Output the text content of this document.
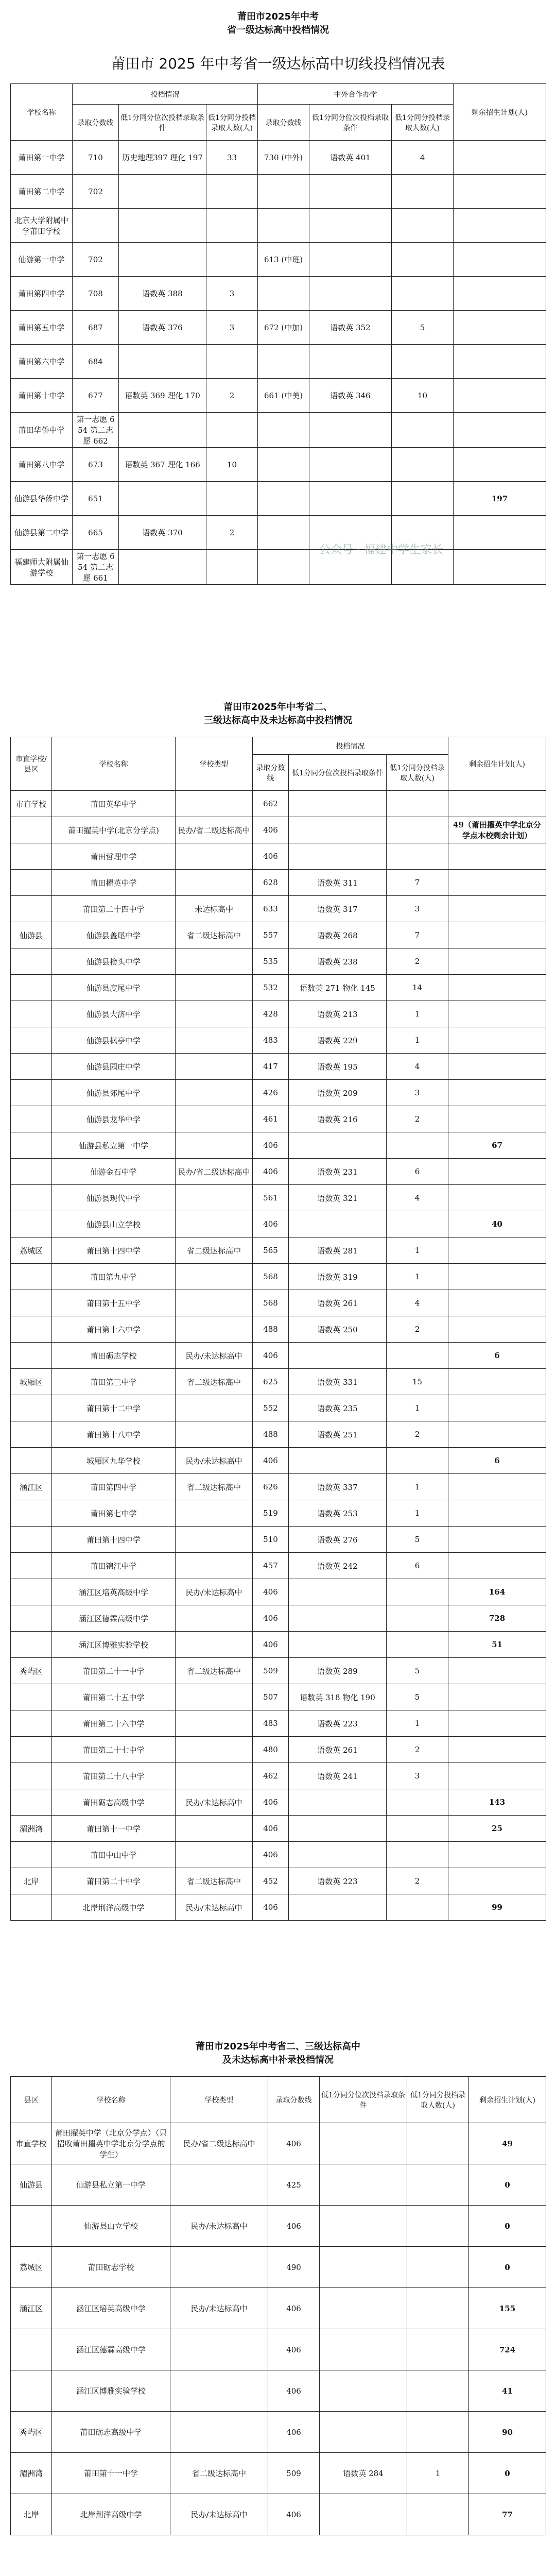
莆田市2025年中考
省一级达标高中投档情况
莆田市 2025 年中考省一级达标高中切线投档情况表
学校名称	投档情况			中外合作办学			剩余招生计划(人)
	录取分数线	低1分同分位次投档录取条件	低1分同分投档录取人数(人)	录取分数线	低1分同分位次投档录取条件	低1分同分投档录取人数(人)	
莆田第一中学	710	历史地理397 理化 197	33	730 (中外)	语数英 401	4	
莆田第二中学	702						
北京大学附属中学莆田学校							
仙游第一中学	702			613 (中班)			
莆田第四中学	708	语数英 388	3				
莆田第五中学	687	语数英 376	3	672 (中加)	语数英 352	5	
莆田第六中学	684						
莆田第十中学	677	语数英 369 理化 170	2	661 (中美)	语数英 346	10	
莆田华侨中学	第一志愿 654 第二志愿 662						
莆田第八中学	673	语数英 367 理化 166	10				
仙游县华侨中学	651						197
仙游县第二中学	665	语数英 370	2				
福建师大附属仙游学校	第一志愿 654 第二志愿 661						
公众号 · 福建中学生家长
莆田市2025年中考省二、
三级达标高中及未达标高中投档情况
市直学校/县区	学校名称	学校类型	投档情况			剩余招生计划(人)
			录取分数线	低1分同分位次投档录取条件	低1分同分投档录取人数(人)	
市直学校	莆田英华中学		662			
	莆田擢英中学(北京分学点)	民办/省二级达标高中	406			49（莆田擢英中学北京分学点本校剩余计划）
	莆田哲理中学		406			
	莆田擢英中学		628	语数英 311	7	
	莆田第二十四中学	未达标高中	633	语数英 317	3	
仙游县	仙游县盖尾中学	省二级达标高中	557	语数英 268	7	
	仙游县榜头中学		535	语数英 238	2	
	仙游县度尾中学		532	语数英 271 物化 145	14	
	仙游县大济中学		428	语数英 213	1	
	仙游县枫亭中学		483	语数英 229	1	
	仙游县园庄中学		417	语数英 195	4	
	仙游县郊尾中学		426	语数英 209	3	
	仙游县龙华中学		461	语数英 216	2	
	仙游县私立第一中学		406			67
	仙游金石中学	民办/省二级达标高中	406	语数英 231	6	
	仙游县现代中学		561	语数英 321	4	
	仙游县山立学校		406			40
荔城区	莆田第十四中学	省二级达标高中	565	语数英 281	1	
	莆田第九中学		568	语数英 319	1	
	莆田第十五中学		568	语数英 261	4	
	莆田第十六中学		488	语数英 250	2	
	莆田砺志学校	民办/未达标高中	406			6
城厢区	莆田第三中学	省二级达标高中	625	语数英 331	15	
	莆田第十二中学		552	语数英 235	1	
	莆田第十八中学		488	语数英 251	2	
	城厢区九华学校	民办/未达标高中	406			6
涵江区	莆田第四中学	省二级达标高中	626	语数英 337	1	
	莆田第七中学		519	语数英 253	1	
	莆田第十四中学		510	语数英 276	5	
	莆田锦江中学		457	语数英 242	6	
	涵江区培英高级中学	民办/未达标高中	406			164
	涵江区德霖高级中学		406			728
	涵江区博雅实验学校		406			51
秀屿区	莆田第二十一中学	省二级达标高中	509	语数英 289	5	
	莆田第二十五中学		507	语数英 318 物化 190	5	
	莆田第二十六中学		483	语数英 223	1	
	莆田第二十七中学		480	语数英 261	2	
	莆田第二十八中学		462	语数英 241	3	
	莆田砺志高级中学	民办/未达标高中	406			143
湄洲湾	莆田第十一中学		406			25
	莆田中山中学		406			
北岸	莆田第二十中学	省二级达标高中	452	语数英 223	2	
	北岸荆洋高级中学	民办/未达标高中	406			99
莆田市2025年中考省二、三级达标高中
及未达标高中补录投档情况
县区	学校名称	学校类型	录取分数线	低1分同分位次投档录取条件	低1分同分投档录取人数(人)	剩余招生计划(人)
市直学校	莆田擢英中学（北京分学点）（只招收莆田擢英中学北京分学点的学生）	民办/省二级达标高中	406			49
仙游县	仙游县私立第一中学		425			0
	仙游县山立学校	民办/未达标高中	406			0
荔城区	莆田砺志学校		490			0
涵江区	涵江区培英高级中学	民办/未达标高中	406			155
	涵江区德霖高级中学		406			724
	涵江区博雅实验学校		406			41
秀屿区	莆田砺志高级中学		406			90
湄洲湾	莆田第十一中学	省二级达标高中	509	语数英 284	1	0
北岸	北岸荆洋高级中学	民办/未达标高中	406			77
